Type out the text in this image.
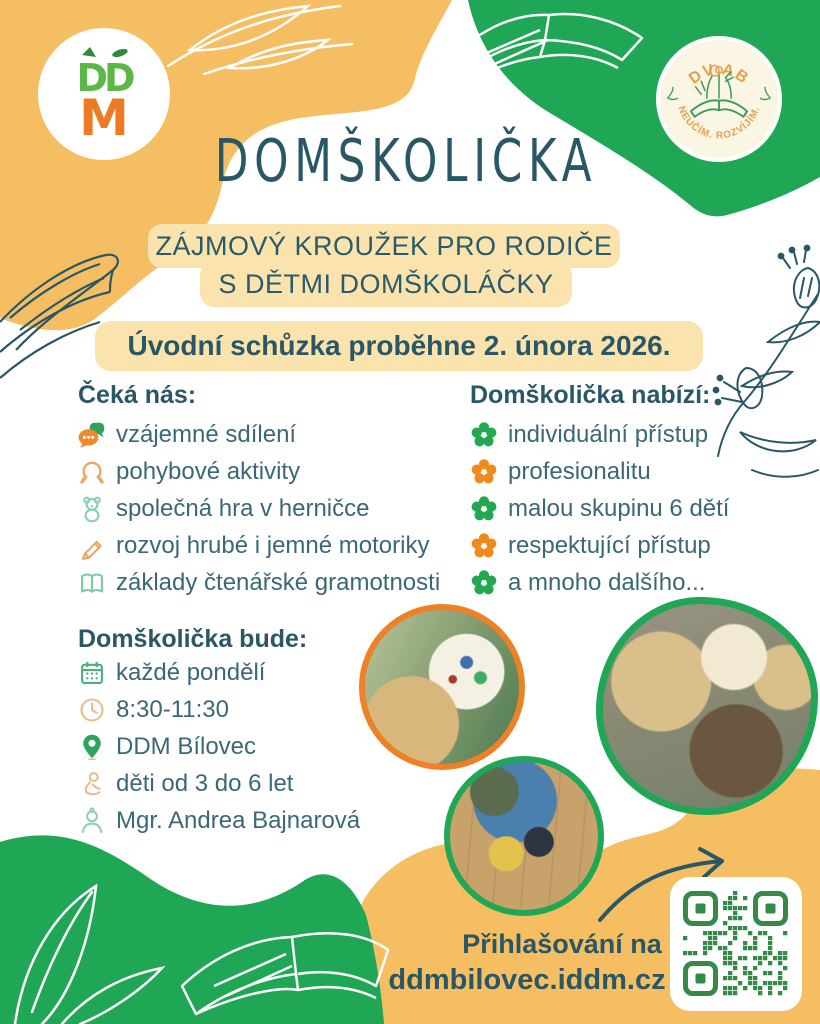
DD
M
DV AB
NEUČÍM. ROZVÍJÍM.
DOMŠKOLIČKA
ZÁJMOVÝ KROUŽEK PRO RODIČE
S DĚTMI DOMŠKOLÁČKY
Úvodní schůzka proběhne 2. února 2026.
Čeká nás:
vzájemné sdílení
pohybové aktivity
společná hra v herničce
rozvoj hrubé i jemné motoriky
základy čtenářské gramotnosti
Domškolička nabízí:
individuální přístup
profesionalitu
malou skupinu 6 dětí
respektující přístup
a mnoho dalšího...
Domškolička bude:
každé pondělí
8:30-11:30
DDM Bílovec
děti od 3 do 6 let
Mgr. Andrea Bajnarová
Přihlašování na
ddmbilovec.iddm.cz
